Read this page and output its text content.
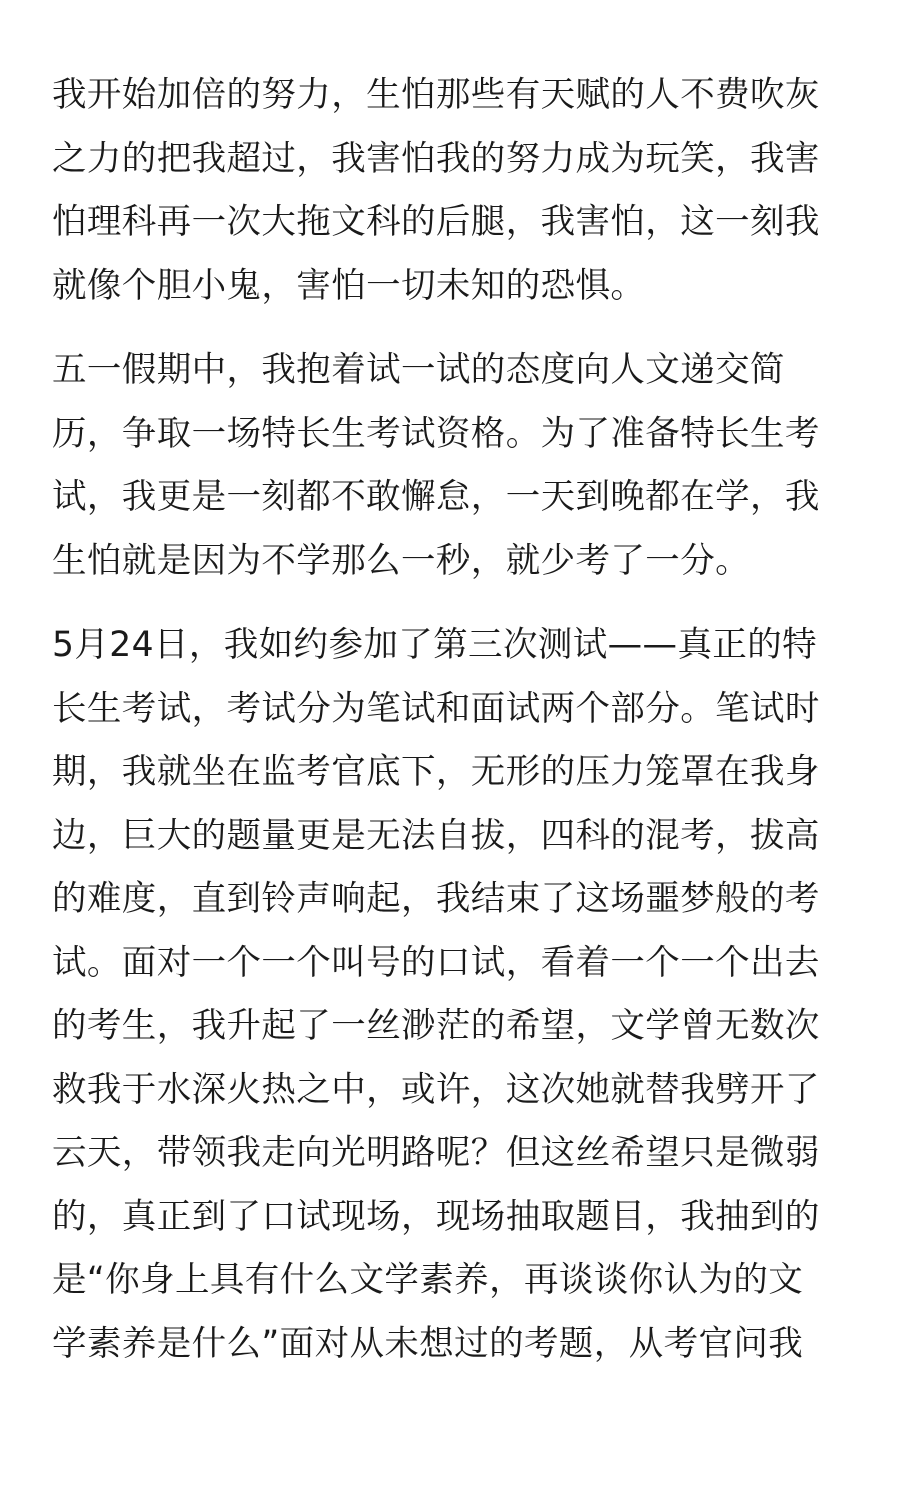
我开始加倍的努力，生怕那些有天赋的人不费吹灰
之力的把我超过，我害怕我的努力成为玩笑，我害
怕理科再一次大拖文科的后腿，我害怕，这一刻我
就像个胆小鬼，害怕一切未知的恐惧。

五一假期中，我抱着试一试的态度向人文递交简
历，争取一场特长生考试资格。为了准备特长生考
试，我更是一刻都不敢懈怠，一天到晚都在学，我
生怕就是因为不学那么一秒，就少考了一分。

5月24日，我如约参加了第三次测试——真正的特
长生考试，考试分为笔试和面试两个部分。笔试时
期，我就坐在监考官底下，无形的压力笼罩在我身
边，巨大的题量更是无法自拔，四科的混考，拔高
的难度，直到铃声响起，我结束了这场噩梦般的考
试。面对一个一个叫号的口试，看着一个一个出去
的考生，我升起了一丝渺茫的希望，文学曾无数次
救我于水深火热之中，或许，这次她就替我劈开了
云天，带领我走向光明路呢？但这丝希望只是微弱
的，真正到了口试现场，现场抽取题目，我抽到的
是“你身上具有什么文学素养，再谈谈你认为的文
学素养是什么”面对从未想过的考题，从考官问我
